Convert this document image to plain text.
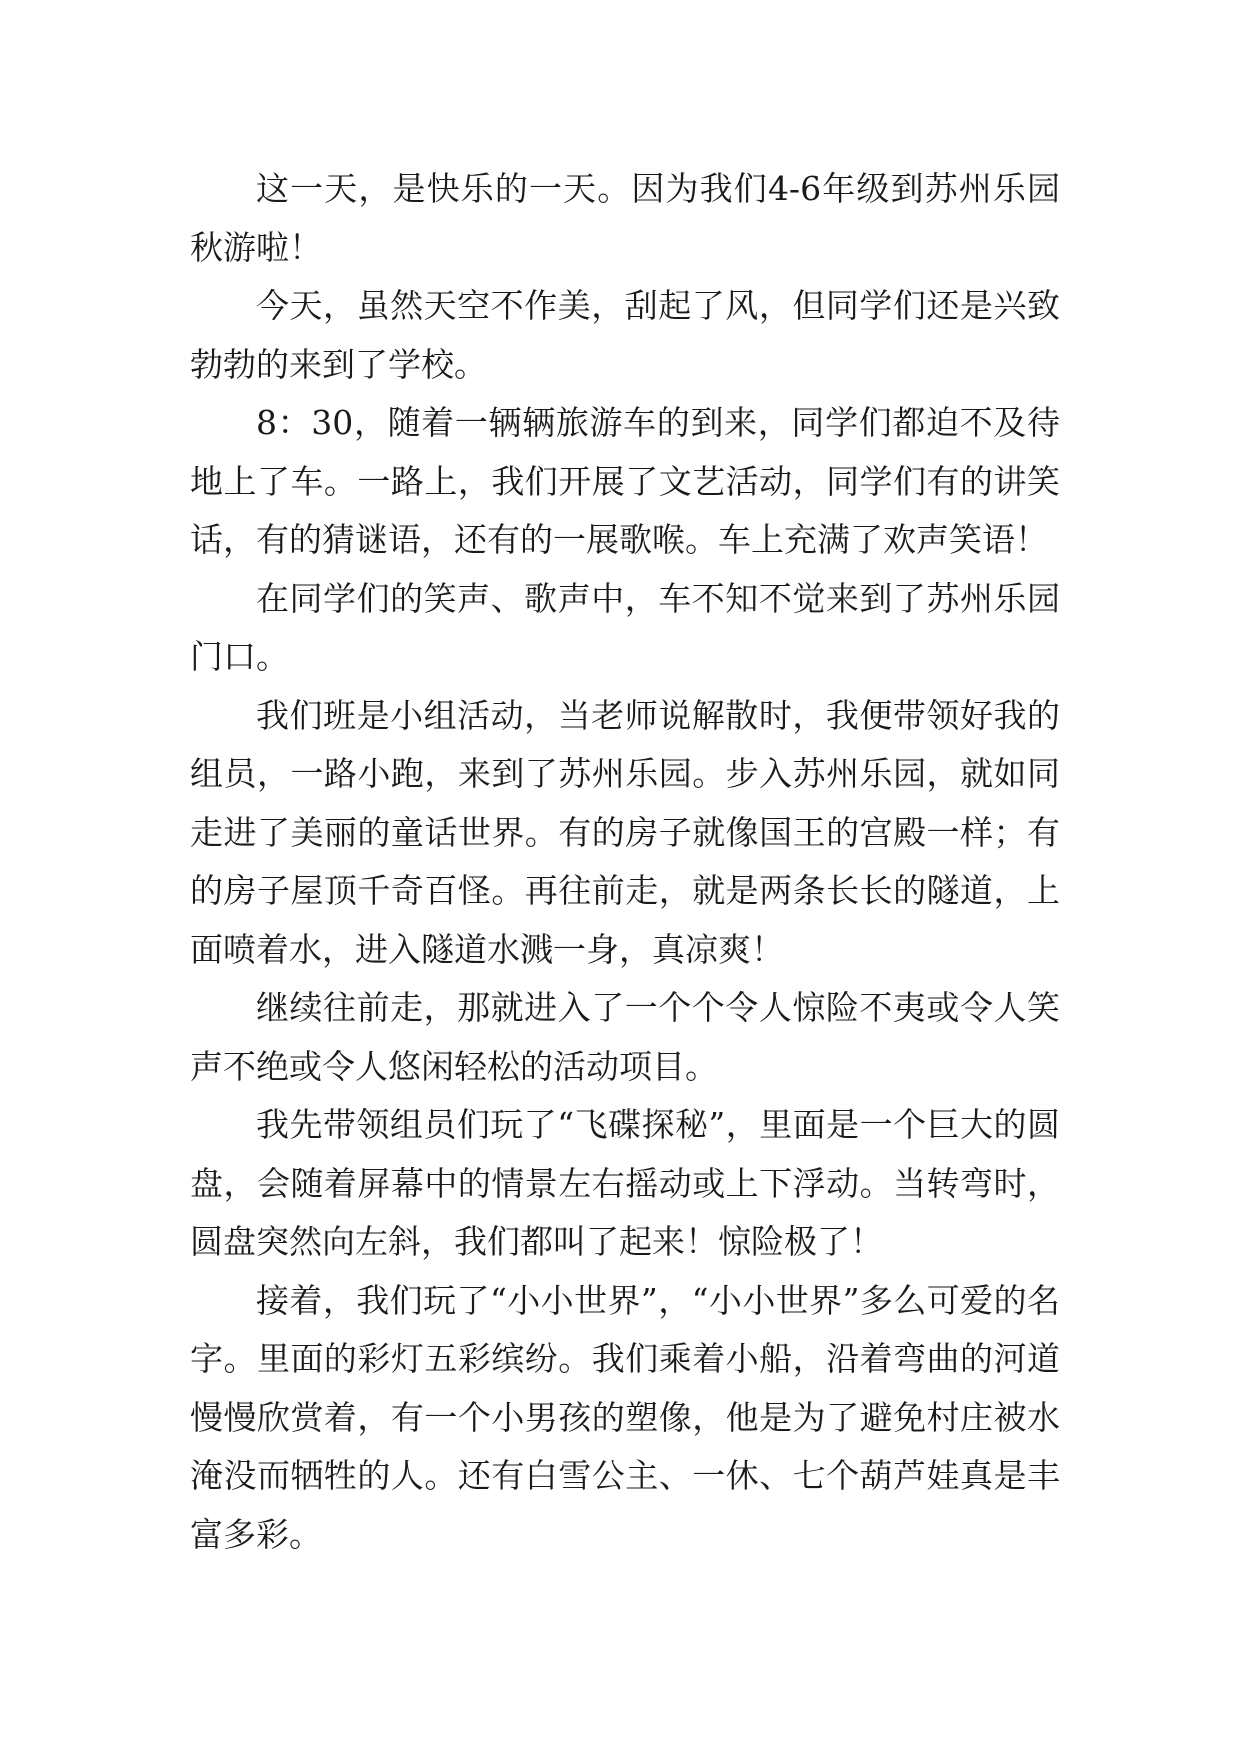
这一天，是快乐的一天。因为我们4-6年级到苏州乐园秋游啦！

今天，虽然天空不作美，刮起了风，但同学们还是兴致勃勃的来到了学校。

8：30，随着一辆辆旅游车的到来，同学们都迫不及待地上了车。一路上，我们开展了文艺活动，同学们有的讲笑话，有的猜谜语，还有的一展歌喉。车上充满了欢声笑语！

在同学们的笑声、歌声中，车不知不觉来到了苏州乐园门口。

我们班是小组活动，当老师说解散时，我便带领好我的组员，一路小跑，来到了苏州乐园。步入苏州乐园，就如同走进了美丽的童话世界。有的房子就像国王的宫殿一样；有的房子屋顶千奇百怪。再往前走，就是两条长长的隧道，上面喷着水，进入隧道水溅一身，真凉爽！

继续往前走，那就进入了一个个令人惊险不夷或令人笑声不绝或令人悠闲轻松的活动项目。

我先带领组员们玩了“飞碟探秘”，里面是一个巨大的圆盘，会随着屏幕中的情景左右摇动或上下浮动。当转弯时，圆盘突然向左斜，我们都叫了起来！惊险极了！

接着，我们玩了“小小世界”，“小小世界”多么可爱的名字。里面的彩灯五彩缤纷。我们乘着小船，沿着弯曲的河道慢慢欣赏着，有一个小男孩的塑像，他是为了避免村庄被水淹没而牺牲的人。还有白雪公主、一休、七个葫芦娃真是丰富多彩。
